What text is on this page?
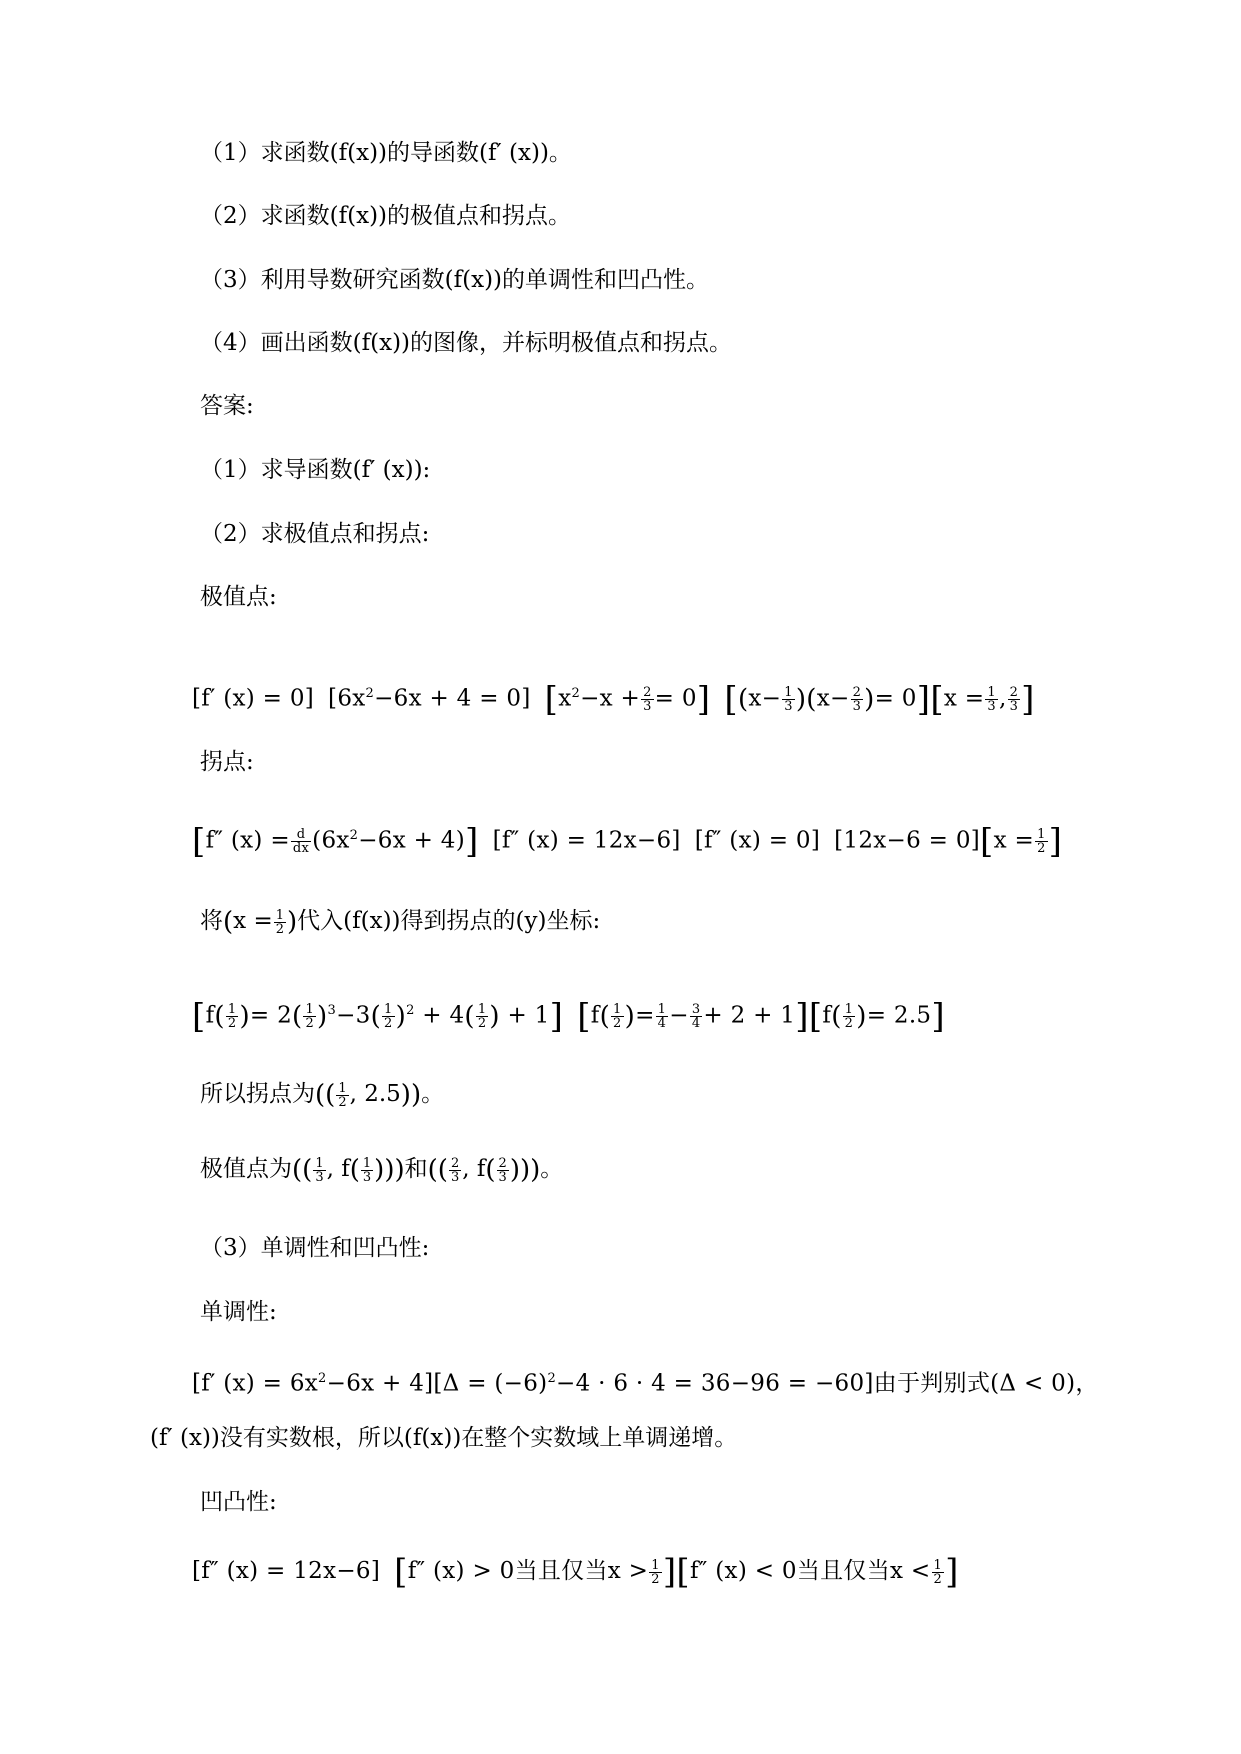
（1）求函数(f(x))的导函数(f′ (x))。
（2）求函数(f(x))的极值点和拐点。
（3）利用导数研究函数(f(x))的单调性和凹凸性。
（4）画出函数(f(x))的图像，并标明极值点和拐点。
答案:
（1）求导函数(f′ (x)):
（2）求极值点和拐点:
极值点:
[f′ (x) = 0] $[6x^2-6x + 4 = 0] [x^2-x + \frac{2}{3} = 0]$ [$(x- \frac{1}{3} )(x- \frac{2}{3}$ )= $0][x = \frac{1}{3}$ , $\frac{2}{3}$ ]
拐点:
[f″ $(x) = \frac{d}{dx} (6x^2-6x + 4)$] [f″ (x) = 12x−6] [f″ (x) = 0] $[12x-6 = 0][x = \frac{1}{2}$ ]
将($x = \frac{1}{2}$ )代入(f(x))得到拐点的(y)坐标:
[$f( \frac{1}{2}$ )= $2( \frac{1}{2} )^3-3( \frac{1}{2} )^2 + 4( \frac{1}{2}$ ) + 1] [$f( \frac{1}{2}$ )= $\frac{1}{4} - \frac{3}{4} + 2 + 1][f( \frac{1}{2}$ )= 2.5]
所以拐点为(( $\frac{1}{2}$ , 2.5))。
极值点为(( $\frac{1}{3}$ , $f( \frac{1}{3}$ )))和(( $\frac{2}{3}$ , $f( \frac{2}{3}$ )))。
（3）单调性和凹凸性:
单调性:
[f′ $(x) = 6x^2-6x + 4][\Delta = (-6)^2-4 \cdot 6 \cdot 4 = 36-96 = -60]$由于判别式(Δ < 0)，
(f′ (x))没有实数根，所以(f(x))在整个实数域上单调递增。
凹凸性:
[f″ (x) = 12x−6] [f″ (x) > 0当且仅当$x > \frac{1}{2} ][f''$ (x) < 0当且仅当$x < \frac{1}{2}$ ]
